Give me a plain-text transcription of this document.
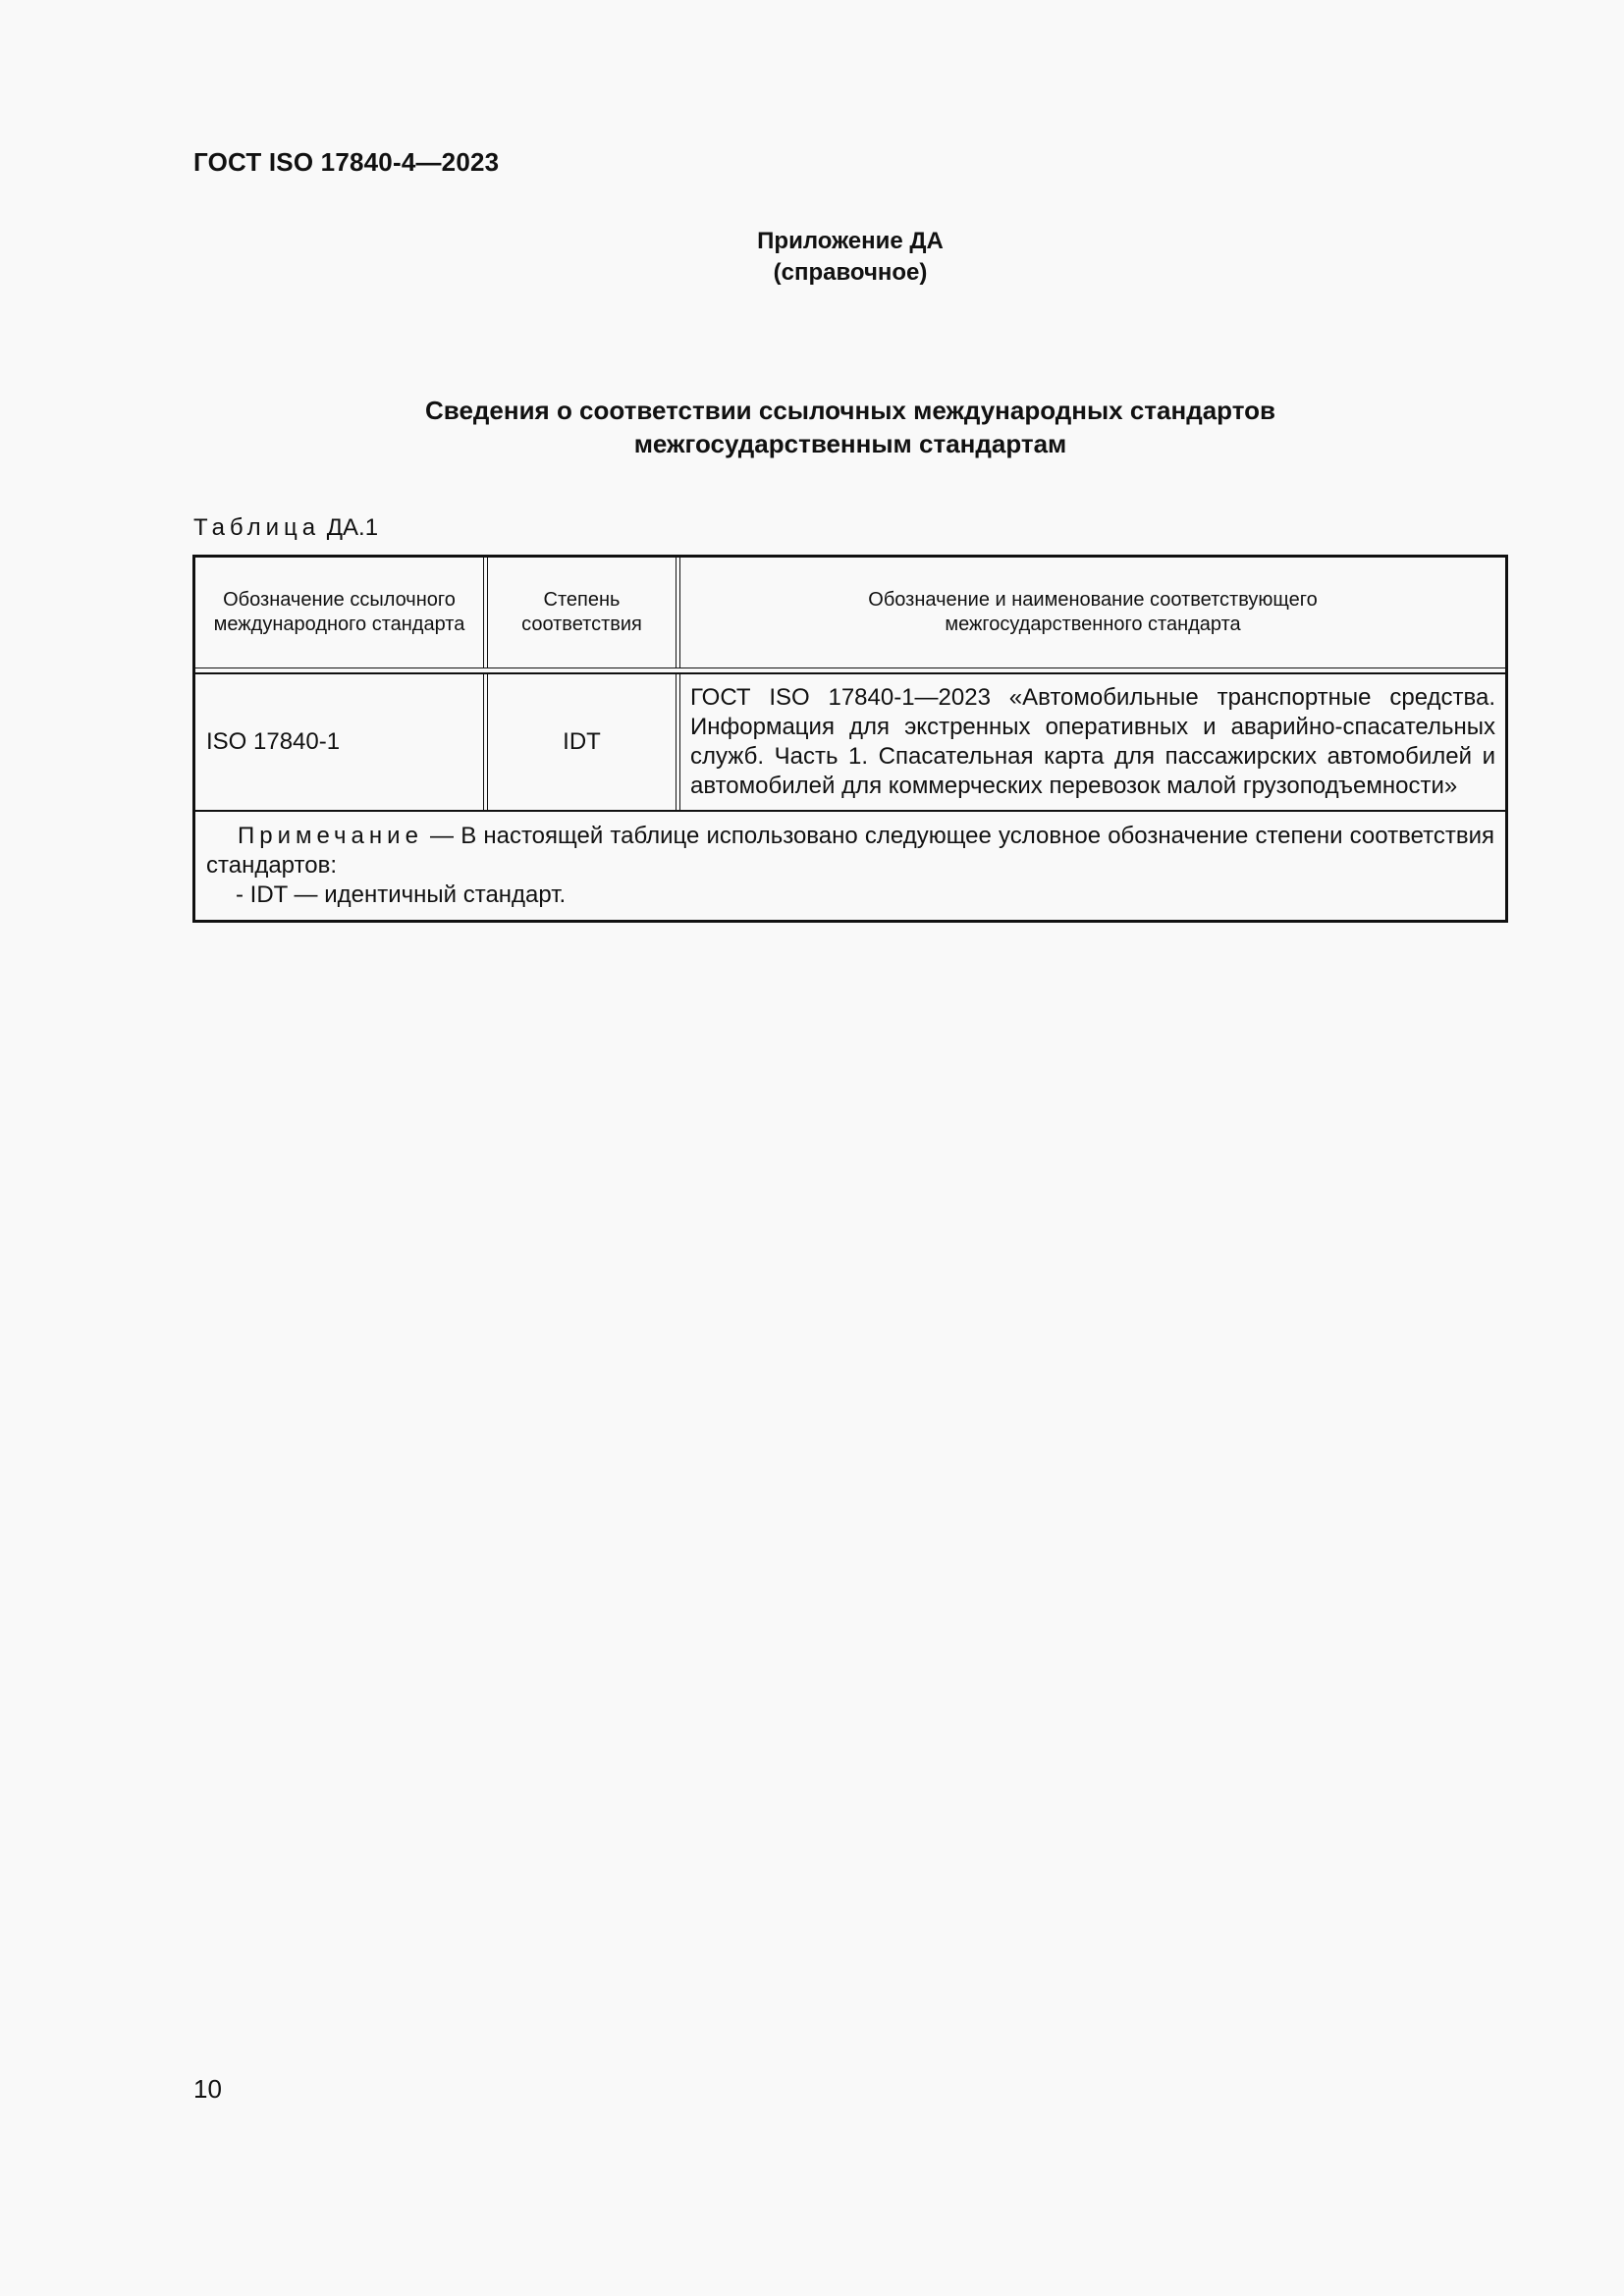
ГОСТ ISO 17840-4—2023
Приложение ДА
(справочное)
Сведения о соответствии ссылочных международных стандартов
межгосударственным стандартам
Таблица ДА.1
Обозначение ссылочного международного стандарта
Степень соответствия
Обозначение и наименование соответствующего
межгосударственного стандарта
ISO 17840-1	IDT
ГОСТ ISO 17840-1—2023 «Автомобильные транспортные средства. Информация для экстренных оперативных и аварийно-спасательных служб. Часть 1. Спасательная карта для пассажирских автомобилей и автомобилей для коммерческих перевозок малой грузоподъемности»
Примечание — В настоящей таблице использовано следующее условное обозначение степени соответствия стандартов:
- IDT — идентичный стандарт.
10
